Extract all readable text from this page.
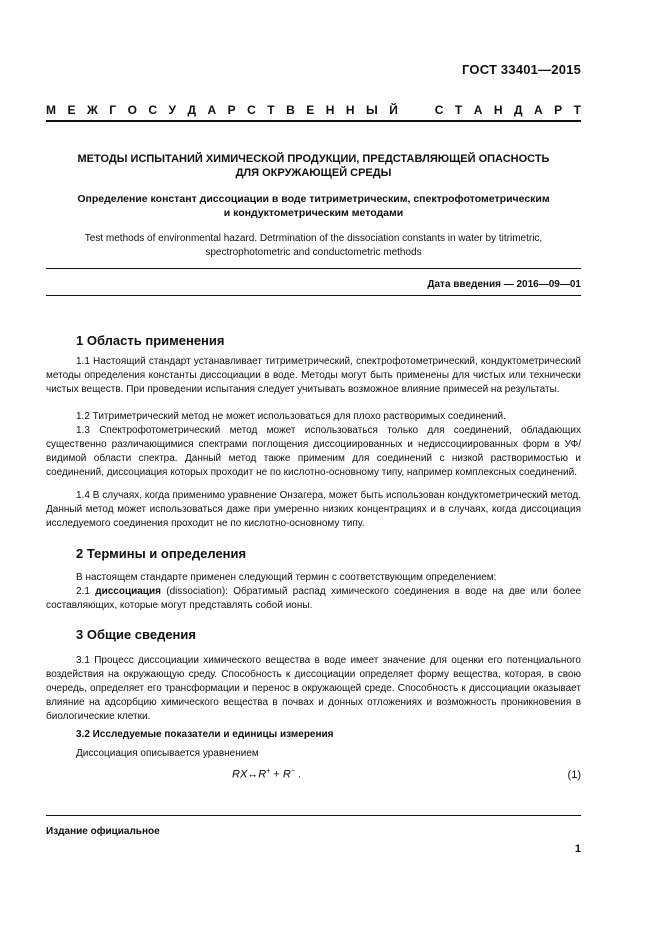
ГОСТ 33401—2015
М Е Ж Г О С У Д А Р С Т В Е Н Н Ы Й	С Т А Н Д А Р Т
МЕТОДЫ ИСПЫТАНИЙ ХИМИЧЕСКОЙ ПРОДУКЦИИ, ПРЕДСТАВЛЯЮЩЕЙ ОПАСНОСТЬ
ДЛЯ ОКРУЖАЮЩЕЙ СРЕДЫ
Определение констант диссоциации в воде титриметрическим, спектрофотометрическим
и кондуктометрическим методами
Test methods of environmental hazard. Detrmination of the dissociation constants in water by titrimetric,
spectrophotometric and conductometric methods
Дата введения — 2016—09—01
1 Область применения

1.1 Настоящий стандарт устанавливает титриметрический, спектрофотометрический, кондуктометрический методы определения константы диссоциации в воде. Методы могут быть применены для чистых или технически чистых веществ. При проведении испытания следует учитывать возможное влияние примесей на результаты.

1.2 Титриметрический метод не может использоваться для плохо растворимых соединений.

1.3 Спектрофотометрический метод может использоваться только для соединений, обладающих существенно различающимися спектрами поглощения диссоциированных и недиссоциированных форм в УФ/видимой области спектра. Данный метод также применим для соединений с низкой растворимостью и соединений, диссоциация которых проходит не по кислотно-основному типу, например комплексных соединений.

1.4 В случаях, когда применимо уравнение Онзагера, может быть использован кондуктометрический метод. Данный метод может использоваться даже при умеренно низких концентрациях и в случаях, когда диссоциация исследуемого соединения проходит не по кислотно-основному типу.

2 Термины и определения

В настоящем стандарте применен следующий термин с соответствующим определением:

2.1 диссоциация (dissociation): Обратимый распад химического соединения в воде на две или более составляющих, которые могут представлять собой ионы.

3 Общие сведения

3.1 Процесс диссоциации химического вещества в воде имеет значение для оценки его потенциального воздействия на окружающую среду. Способность к диссоциации определяет форму вещества, которая, в свою очередь, определяет его трансформации и перенос в окружающей среде. Способность к диссоциации оказывает влияние на адсорбцию химического вещества в почвах и донных отложениях и возможность проникновения в биологические клетки.

3.2 Исследуемые показатели и единицы измерения

Диссоциация описывается уравнением

RX↔R+ + R− .	(1)
Издание официальное
1
